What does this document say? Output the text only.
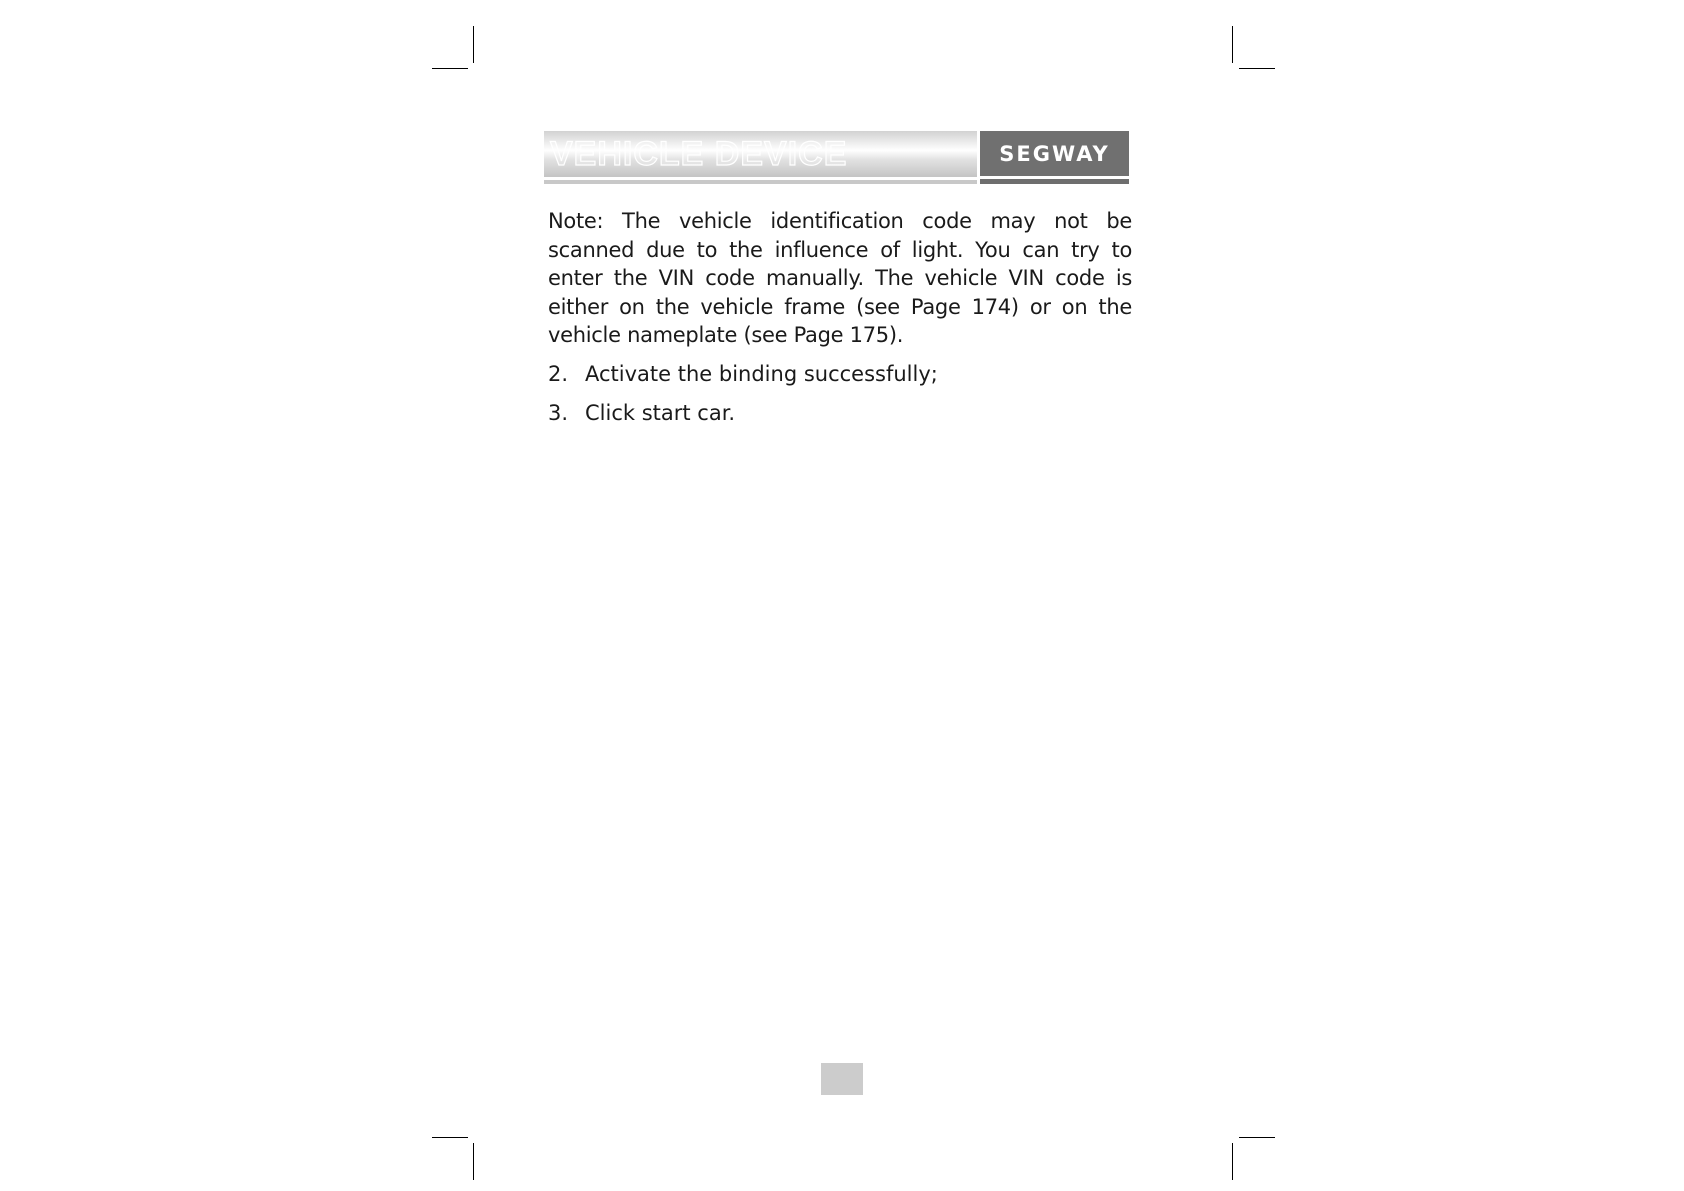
VEHICLE DEVICE	SEGWAY

Note: The vehicle identification code may not be scanned due to the influence of light. You can try to enter the VIN code manually. The vehicle VIN code is either on the vehicle frame (see Page 174) or on the vehicle nameplate (see Page 175).

2. Activate the binding successfully;
3. Click start car.
